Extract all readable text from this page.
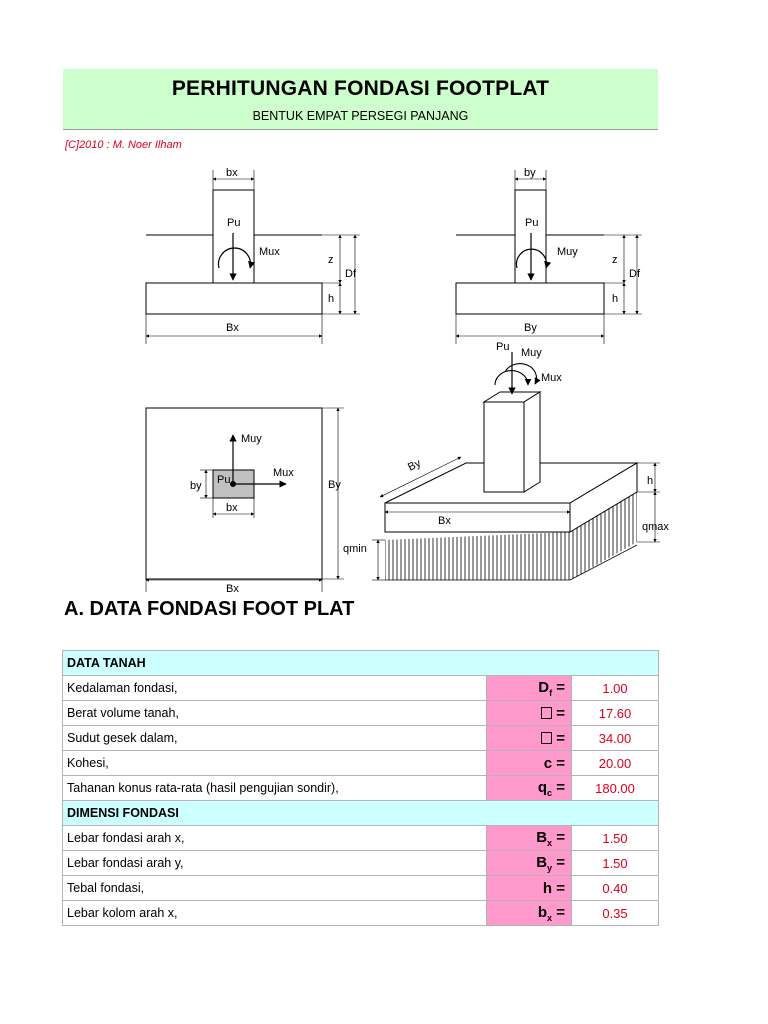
PERHITUNGAN FONDASI FOOTPLAT
BENTUK EMPAT PERSEGI PANJANG
[C]2010 : M. Noer Ilham
bx
Pu
Mux
z
Df
h
Bx
by
Pu
Muy
z
Df
h
By
Muy
Pu
Mux
by
bx
By
Bx
Pu Muy
Mux
By
Bx
h
qmax
qmin
A. DATA FONDASI FOOT PLAT
DATA TANAH		
Kedalaman fondasi,	$D_f$ =	1.00
Berat volume tanah,	=	17.60
Sudut gesek dalam,	=	34.00
Kohesi,	c =	20.00
Tahanan konus rata-rata (hasil pengujian sondir),	$q_c$ =	180.00
DIMENSI FONDASI		
Lebar fondasi arah x,	$B_x$ =	1.50
Lebar fondasi arah y,	$B_y$ =	1.50
Tebal fondasi,	h =	0.40
Lebar kolom arah x,	$b_x$ =	0.35
